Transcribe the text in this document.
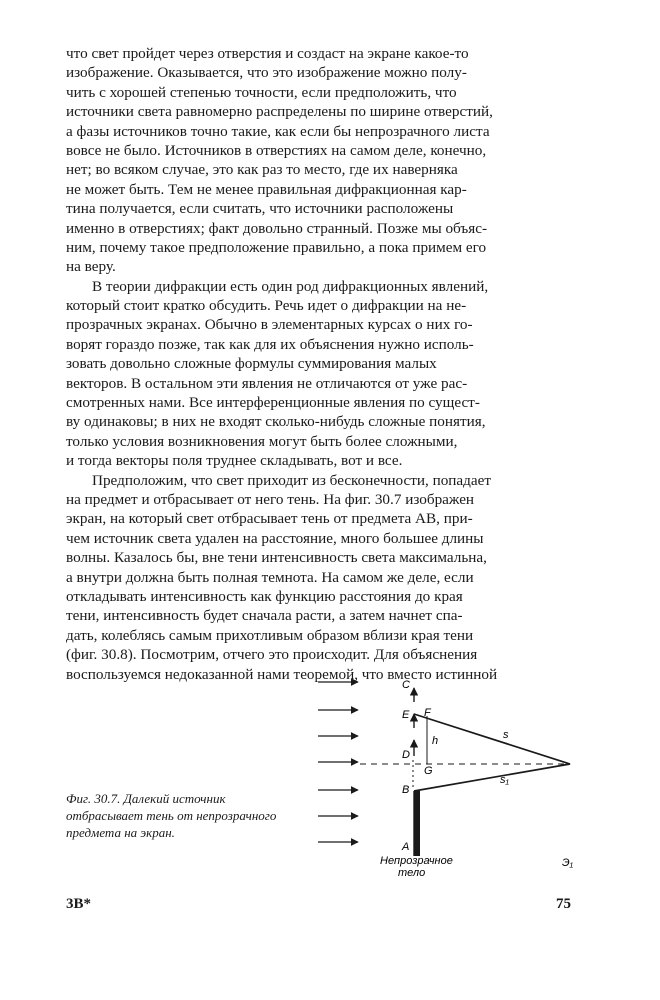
что свет пройдет через отверстия и создаст на экране какое-то
изображение. Оказывается, что это изображение можно полу-
чить с хорошей степенью точности, если предположить, что
источники света равномерно распределены по ширине отверстий,
а фазы источников точно такие, как если бы непрозрачного листа
вовсе не было. Источников в отверстиях на самом деле, конечно,
нет; во всяком случае, это как раз то место, где их наверняка
не может быть. Тем не менее правильная дифракционная кар-
тина получается, если считать, что источники расположены
именно в отверстиях; факт довольно странный. Позже мы объяс-
ним, почему такое предположение правильно, а пока примем его
на веру.
В теории дифракции есть один род дифракционных явлений,
который стоит кратко обсудить. Речь идет о дифракции на не-
прозрачных экранах. Обычно в элементарных курсах о них го-
ворят гораздо позже, так как для их объяснения нужно исполь-
зовать довольно сложные формулы суммирования малых
векторов. В остальном эти явления не отличаются от уже рас-
смотренных нами. Все интерференционные явления по сущест-
ву одинаковы; в них не входят сколько-нибудь сложные понятия,
только условия возникновения могут быть более сложными,
и тогда векторы поля труднее складывать, вот и все.
Предположим, что свет приходит из бесконечности, попадает
на предмет и отбрасывает от него тень. На фиг. 30.7 изображен
экран, на который свет отбрасывает тень от предмета AB, при-
чем источник света удален на расстояние, много большее длины
волны. Казалось бы, вне тени интенсивность света максимальна,
а внутри должна быть полная темнота. На самом же деле, если
откладывать интенсивность как функцию расстояния до края
тени, интенсивность будет сначала расти, а затем начнет спа-
дать, колеблясь самым прихотливым образом вблизи края тени
(фиг. 30.8). Посмотрим, отчего это происходит. Для объяснения
воспользуемся недоказанной нами теоремой, что вместо истинной
Фиг. 30.7. Далекий источник отбрасывает тень от непрозрачного предмета на экран.
C
E F
h
D
G
B
A
s
s₁
Непрозрачное
тело
Э₁
3B*	75
